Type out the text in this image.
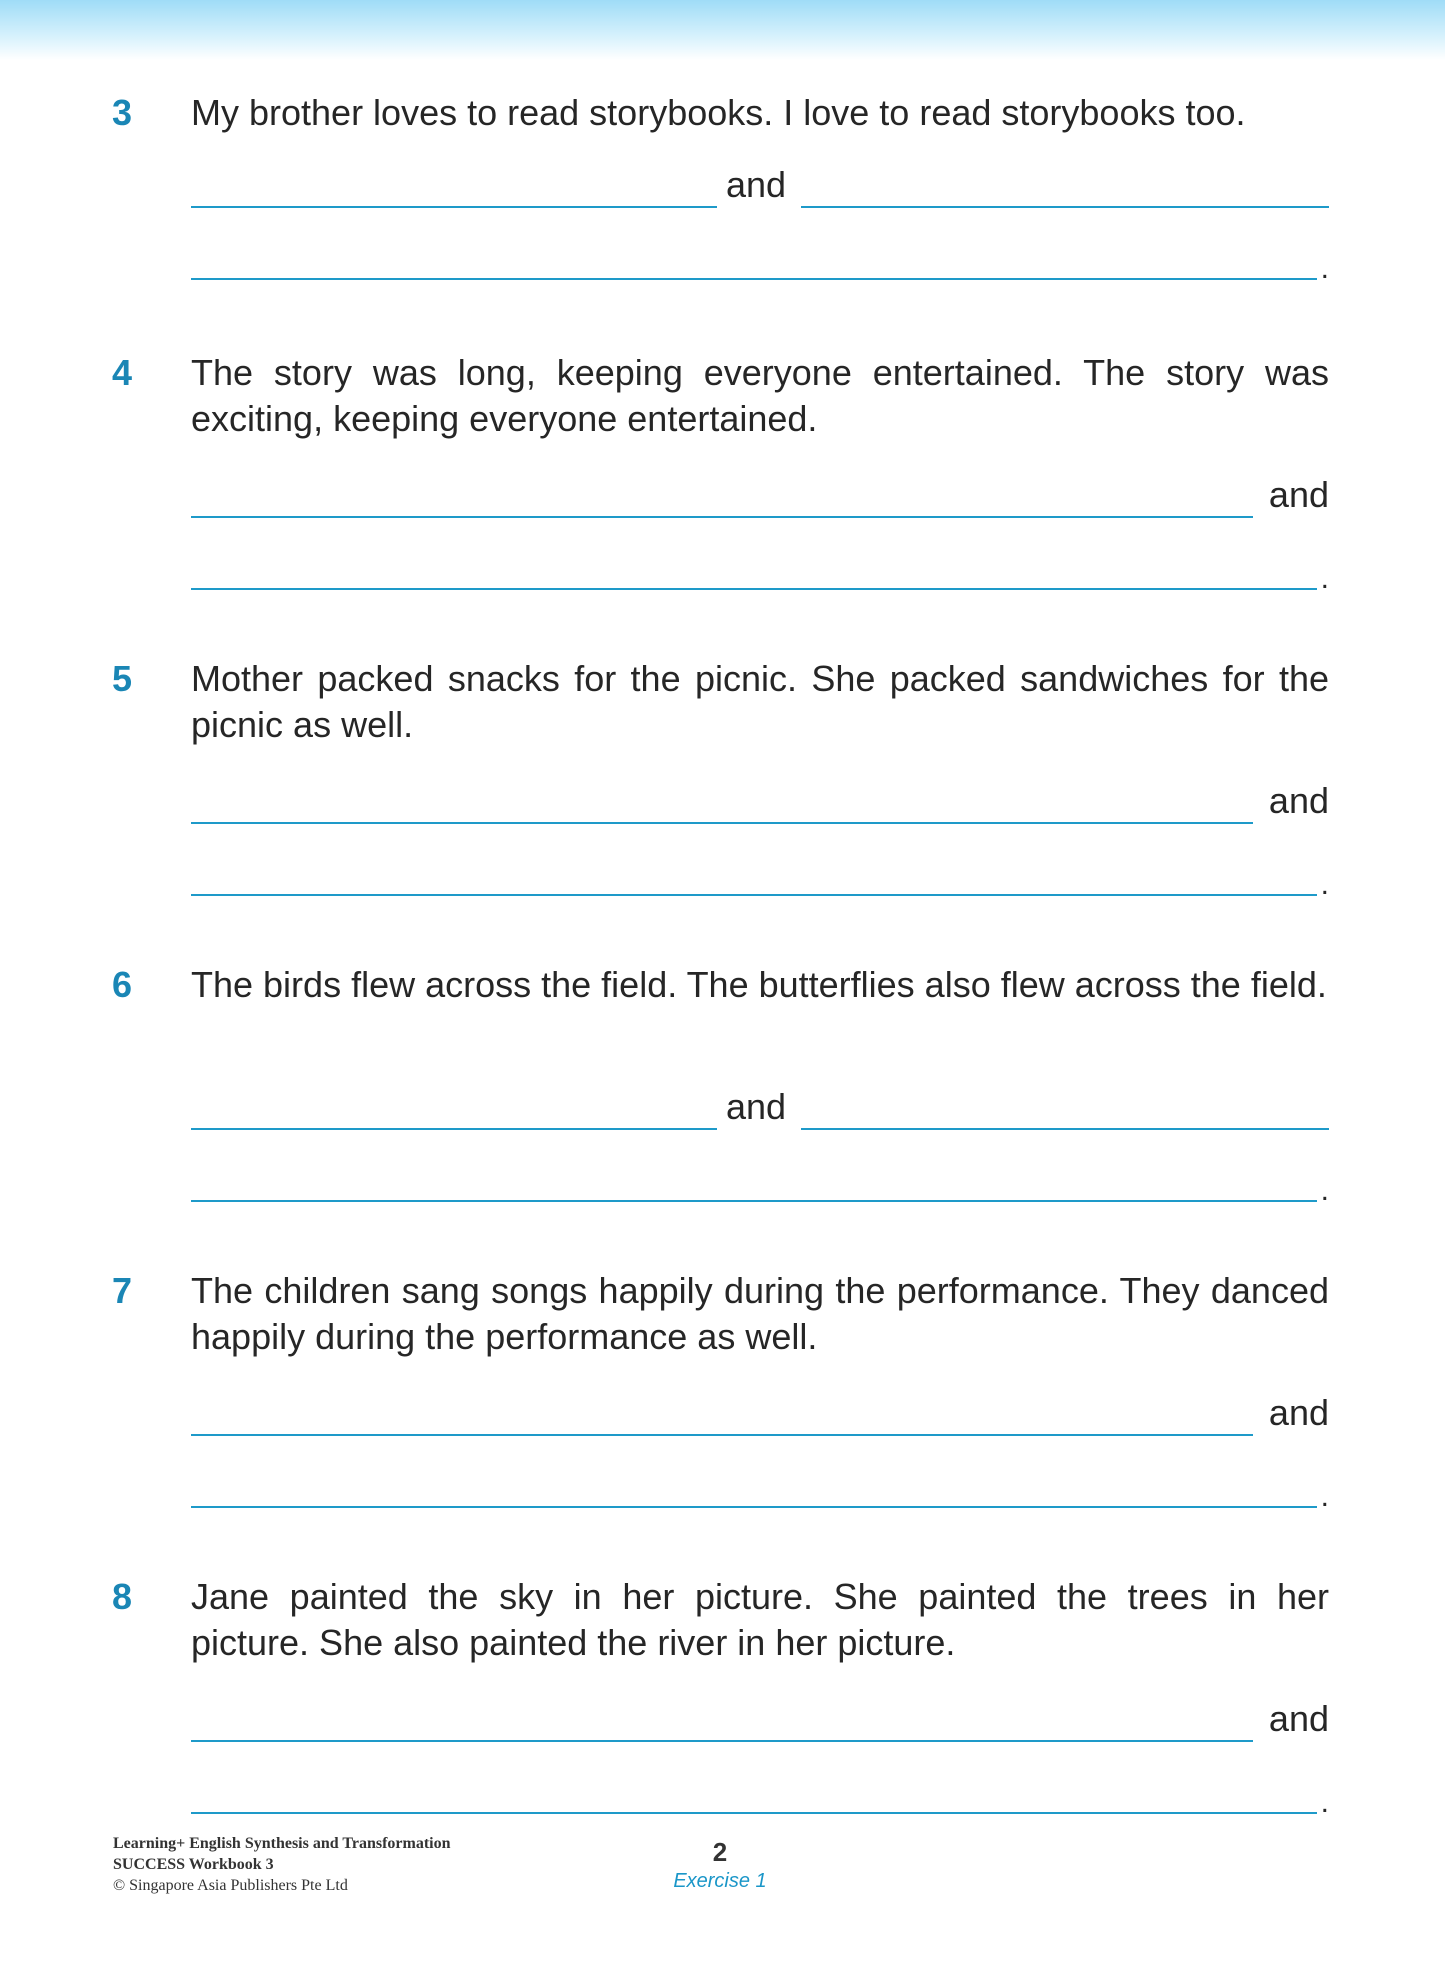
3 My brother loves to read storybooks. I love to read storybooks too.
and
.
4 The story was long, keeping everyone entertained. The story was exciting, keeping everyone entertained.
and
.
5 Mother packed snacks for the picnic. She packed sandwiches for the picnic as well.
and
.
6 The birds flew across the field. The butterflies also flew across the field.
and
.
7 The children sang songs happily during the performance. They danced happily during the performance as well.
and
.
8 Jane painted the sky in her picture. She painted the trees in her picture. She also painted the river in her picture.
and
.
Learning+ English Synthesis and Transformation
SUCCESS Workbook 3
© Singapore Asia Publishers Pte Ltd
2
Exercise 1
